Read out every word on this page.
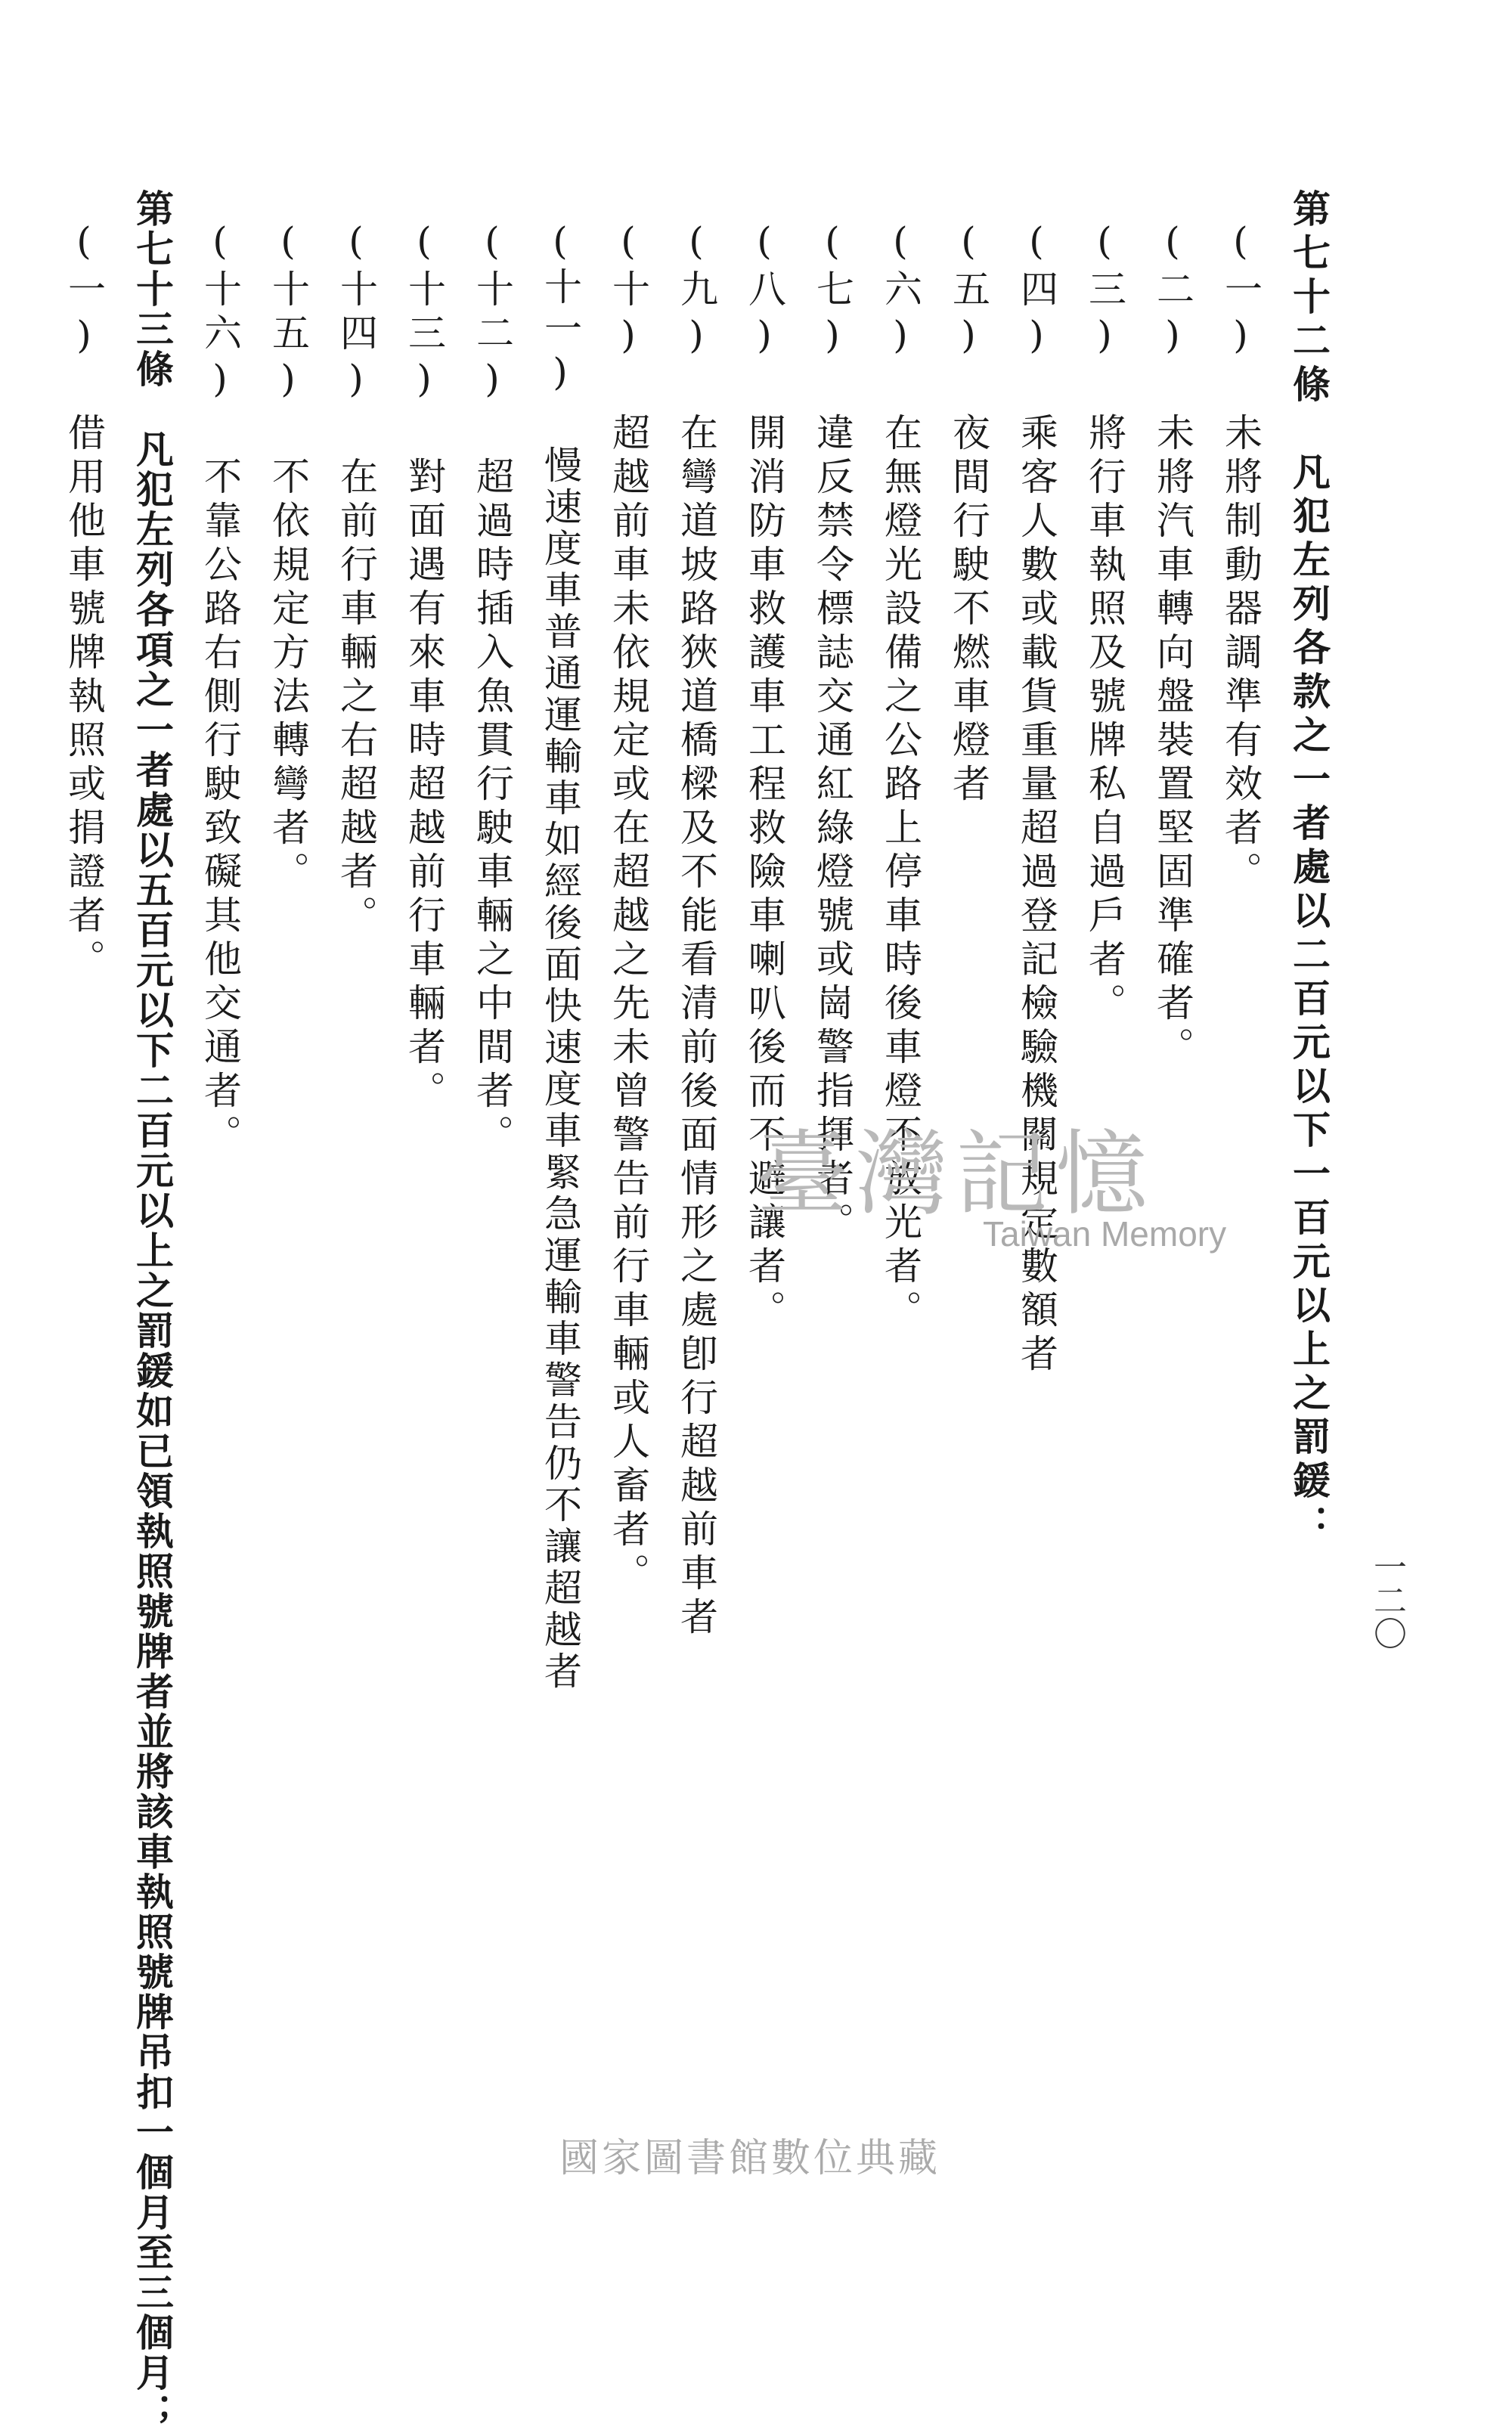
一二〇
第七十二條　凡犯左列各款之一者處以二百元以下一百元以上之罰鍰：
(一) 未將制動器調準有效者。
(二) 未將汽車轉向盤裝置堅固準確者。
(三) 將行車執照及號牌私自過戶者。
(四) 乘客人數或載貨重量超過登記檢驗機關規定數額者
(五) 夜間行駛不燃車燈者
(六) 在無燈光設備之公路上停車時後車燈不放光者。
(七) 違反禁令標誌交通紅綠燈號或崗警指揮者。
(八) 開消防車救護車工程救險車喇叭後而不避讓者。
(九) 在彎道坡路狹道橋樑及不能看清前後面情形之處卽行超越前車者
(十) 超越前車未依規定或在超越之先未曾警告前行車輛或人畜者。
(十一) 慢速度車普通運輸車如經後面快速度車緊急運輸車警告仍不讓超越者
(十二) 超過時插入魚貫行駛車輛之中間者。
(十三) 對面遇有來車時超越前行車輛者。
(十四) 在前行車輛之右超越者。
(十五) 不依規定方法轉彎者。
(十六) 不靠公路右側行駛致礙其他交通者。
第七十三條　凡犯左列各項之一者處以五百元以下二百元以上之罰鍰如已領執照號牌者並將該車執照號牌吊扣一個月至三個月；
(一) 借用他車號牌執照或捐證者。
臺灣記憶
Taiwan Memory
國家圖書館數位典藏
